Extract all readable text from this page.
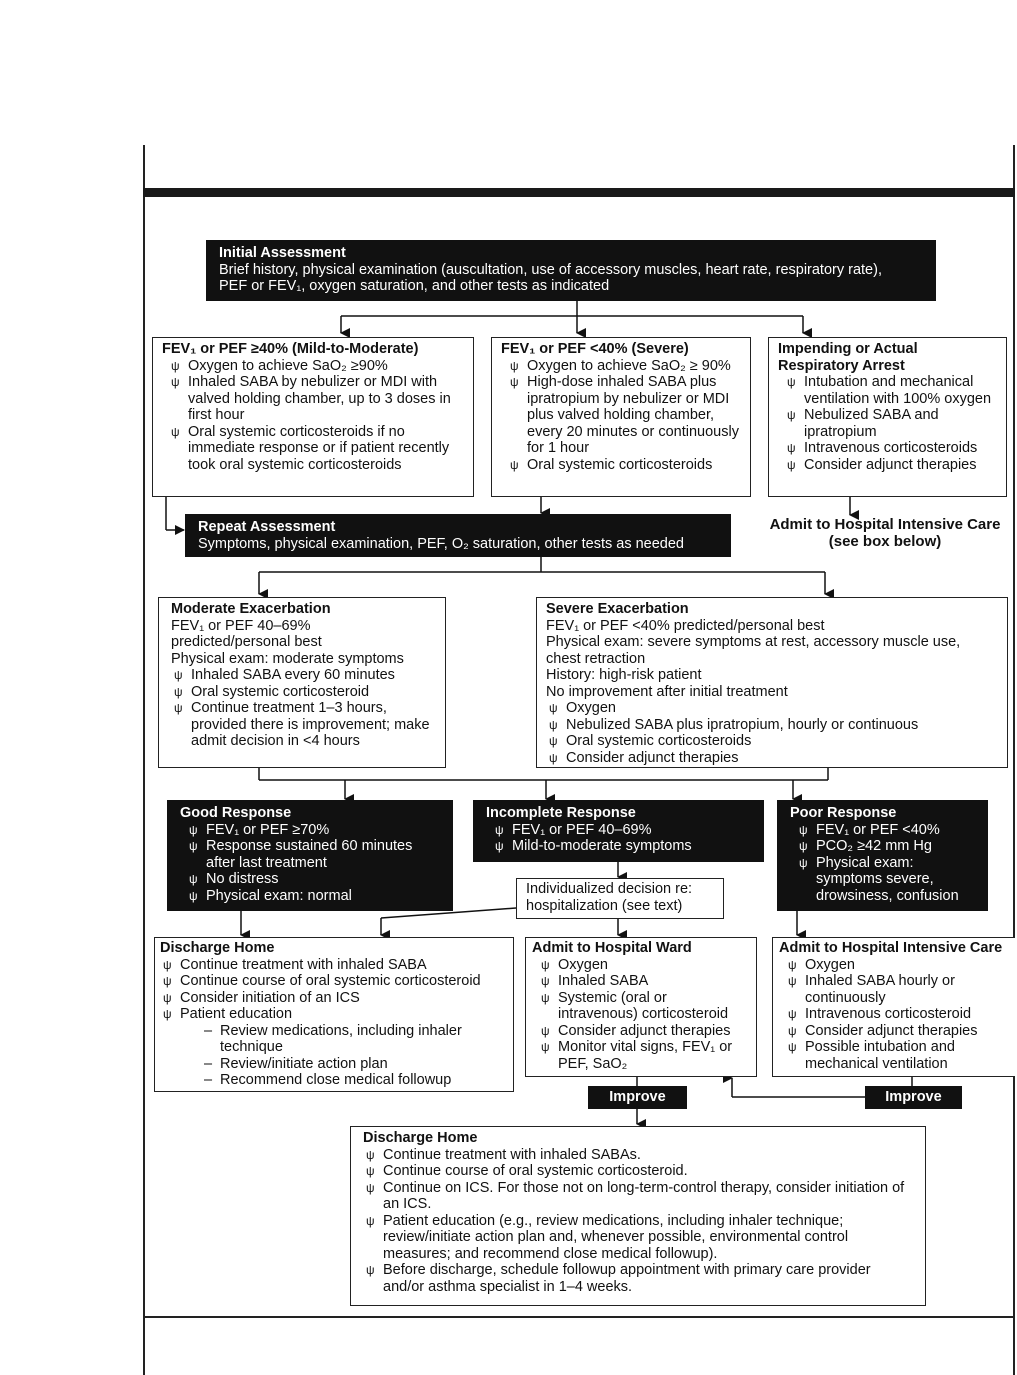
Initial Assessment
Brief history, physical examination (auscultation, use of accessory muscles, heart rate, respiratory rate),
PEF or FEV₁, oxygen saturation, and other tests as indicated
FEV₁ or PEF ≥40% (Mild-to-Moderate)
ψ Oxygen to achieve SaO₂ ≥90%
ψ Inhaled SABA by nebulizer or MDI with valved holding chamber, up to 3 doses in first hour
ψ Oral systemic corticosteroids if no immediate response or if patient recently took oral systemic corticosteroids
FEV₁ or PEF <40% (Severe)
ψ Oxygen to achieve SaO₂ ≥ 90%
ψ High-dose inhaled SABA plus ipratropium by nebulizer or MDI plus valved holding chamber, every 20 minutes or continuously for 1 hour
ψ Oral systemic corticosteroids
Impending or Actual Respiratory Arrest
ψ Intubation and mechanical ventilation with 100% oxygen
ψ Nebulized SABA and ipratropium
ψ Intravenous corticosteroids
ψ Consider adjunct therapies
Repeat Assessment
Symptoms, physical examination, PEF, O₂ saturation, other tests as needed
Admit to Hospital Intensive Care (see box below)
Moderate Exacerbation
FEV₁ or PEF 40–69% predicted/personal best
Physical exam: moderate symptoms
ψ Inhaled SABA every 60 minutes
ψ Oral systemic corticosteroid
ψ Continue treatment 1–3 hours, provided there is improvement; make admit decision in <4 hours
Severe Exacerbation
FEV₁ or PEF <40% predicted/personal best
Physical exam: severe symptoms at rest, accessory muscle use, chest retraction
History: high-risk patient
No improvement after initial treatment
ψ Oxygen
ψ Nebulized SABA plus ipratropium, hourly or continuous
ψ Oral systemic corticosteroids
ψ Consider adjunct therapies
Good Response
ψ FEV₁ or PEF ≥70%
ψ Response sustained 60 minutes after last treatment
ψ No distress
ψ Physical exam: normal
Incomplete Response
ψ FEV₁ or PEF 40–69%
ψ Mild-to-moderate symptoms
Poor Response
ψ FEV₁ or PEF <40%
ψ PCO₂ ≥42 mm Hg
ψ Physical exam: symptoms severe, drowsiness, confusion
Individualized decision re:
hospitalization (see text)
Discharge Home
ψ Continue treatment with inhaled SABA
ψ Continue course of oral systemic corticosteroid
ψ Consider initiation of an ICS
ψ Patient education
– Review medications, including inhaler technique
– Review/initiate action plan
– Recommend close medical followup
Admit to Hospital Ward
ψ Oxygen
ψ Inhaled SABA
ψ Systemic (oral or intravenous) corticosteroid
ψ Consider adjunct therapies
ψ Monitor vital signs, FEV₁ or PEF, SaO₂
Admit to Hospital Intensive Care
ψ Oxygen
ψ Inhaled SABA hourly or continuously
ψ Intravenous corticosteroid
ψ Consider adjunct therapies
ψ Possible intubation and mechanical ventilation
Improve	Improve
Discharge Home
ψ Continue treatment with inhaled SABAs.
ψ Continue course of oral systemic corticosteroid.
ψ Continue on ICS. For those not on long-term-control therapy, consider initiation of an ICS.
ψ Patient education (e.g., review medications, including inhaler technique; review/initiate action plan and, whenever possible, environmental control measures; and recommend close medical followup).
ψ Before discharge, schedule followup appointment with primary care provider and/or asthma specialist in 1–4 weeks.
